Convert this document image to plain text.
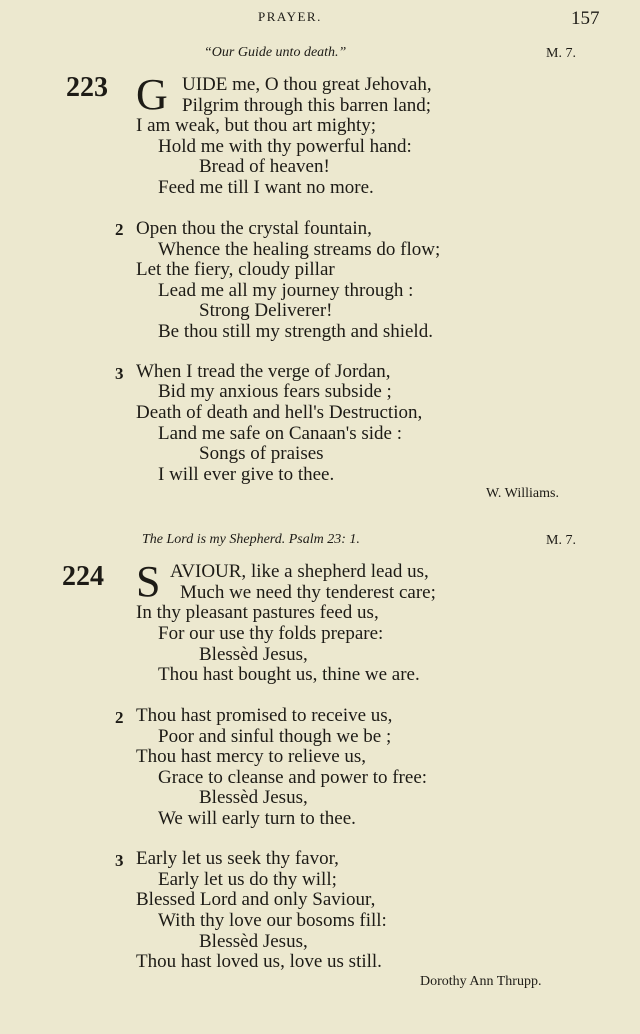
PRAYER.	157
“Our Guide unto death.”	M. 7.
223 G UIDE me, O thou great Jehovah,
Pilgrim through this barren land;
I am weak, but thou art mighty;
Hold me with thy powerful hand:
Bread of heaven!
Feed me till I want no more.
2 Open thou the crystal fountain,
Whence the healing streams do flow;
Let the fiery, cloudy pillar
Lead me all my journey through :
Strong Deliverer!
Be thou still my strength and shield.
3 When I tread the verge of Jordan,
Bid my anxious fears subside ;
Death of death and hell's Destruction,
Land me safe on Canaan's side :
Songs of praises
I will ever give to thee.
W. Williams.
The Lord is my Shepherd. Psalm 23: 1.	M. 7.
224 S AVIOUR, like a shepherd lead us,
Much we need thy tenderest care;
In thy pleasant pastures feed us,
For our use thy folds prepare:
Blessèd Jesus,
Thou hast bought us, thine we are.
2 Thou hast promised to receive us,
Poor and sinful though we be ;
Thou hast mercy to relieve us,
Grace to cleanse and power to free:
Blessèd Jesus,
We will early turn to thee.
3 Early let us seek thy favor,
Early let us do thy will;
Blessed Lord and only Saviour,
With thy love our bosoms fill:
Blessèd Jesus,
Thou hast loved us, love us still.
Dorothy Ann Thrupp.
